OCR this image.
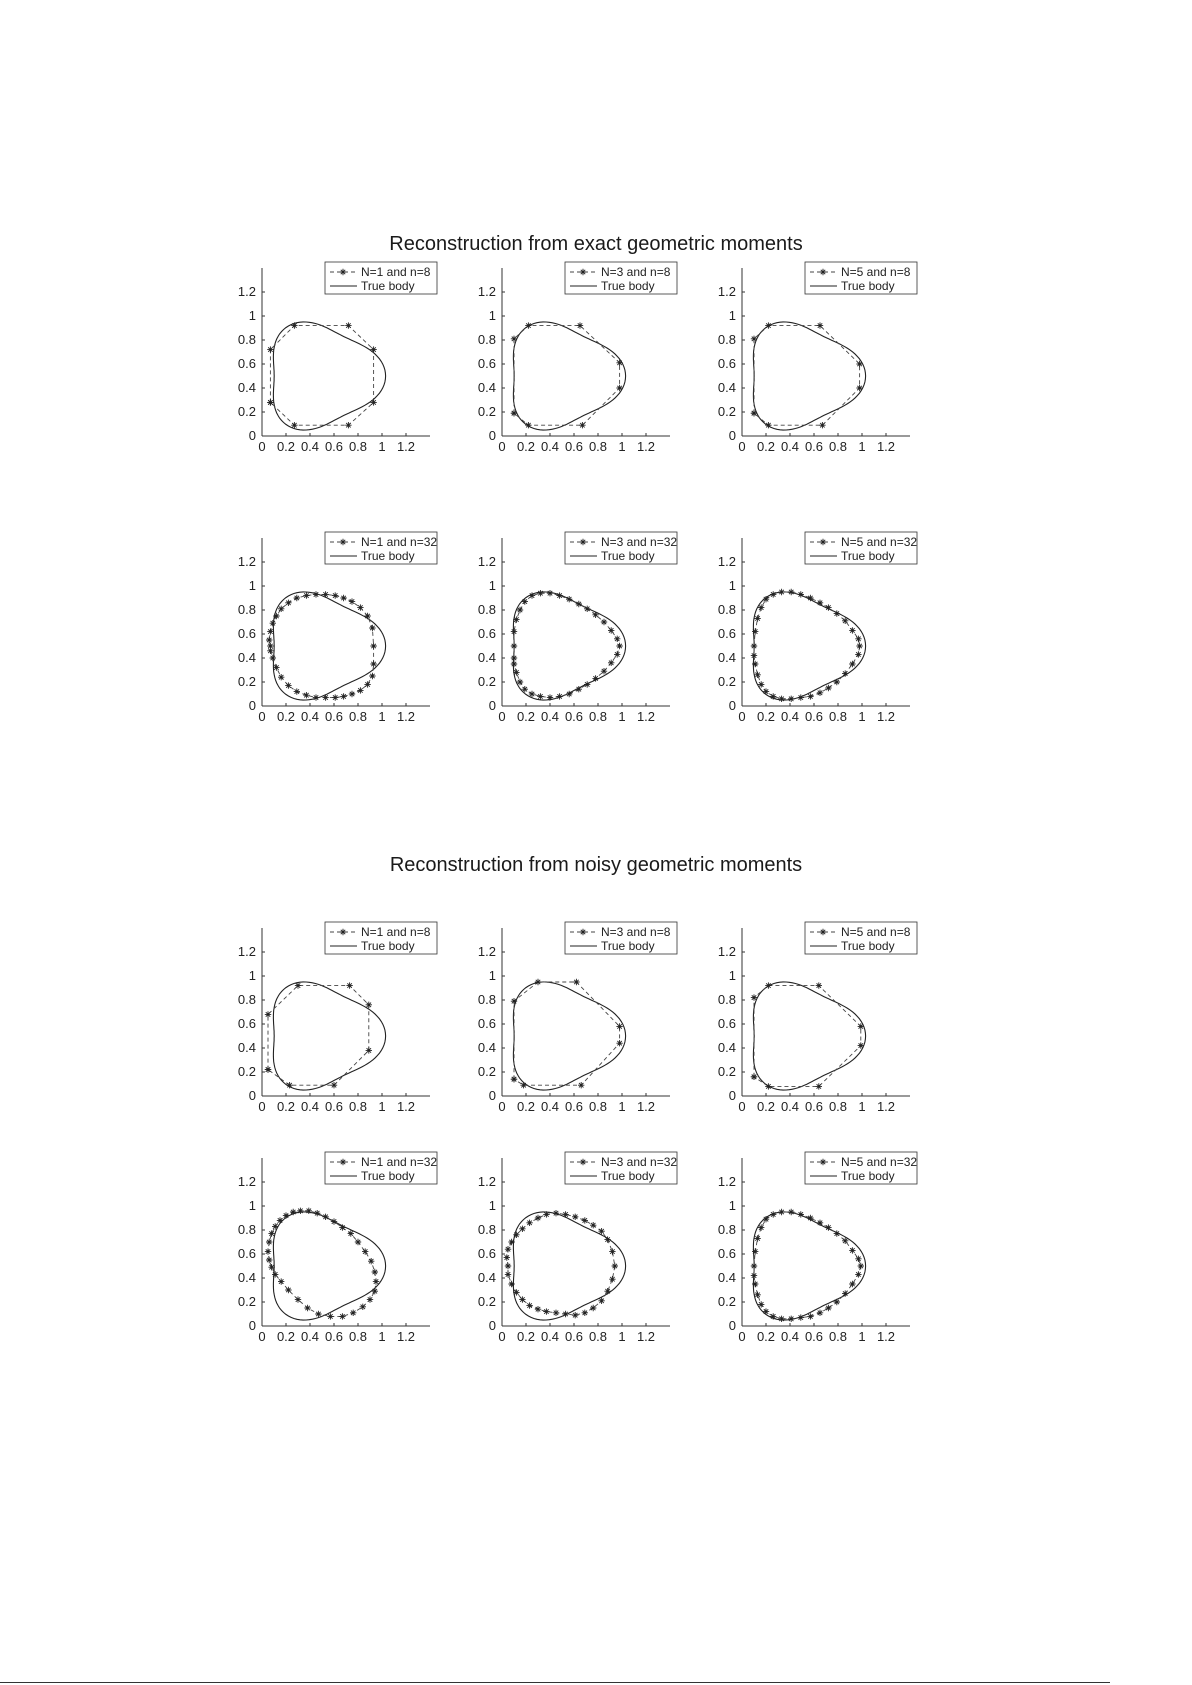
Reconstruction from exact geometric moments
Reconstruction from noisy geometric moments
0 0.2 0.4 0.6 0.8 1 1.2
0
0.2
0.4
0.6
0.8
1
1.2
N=1 and n=8
True body
0 0.2 0.4 0.6 0.8 1 1.2
0
0.2
0.4
0.6
0.8
1
1.2
N=3 and n=8
True body
0 0.2 0.4 0.6 0.8 1 1.2
0
0.2
0.4
0.6
0.8
1
1.2
N=5 and n=8
True body
0 0.2 0.4 0.6 0.8 1 1.2
0
0.2
0.4
0.6
0.8
1
1.2
N=1 and n=32
True body
0 0.2 0.4 0.6 0.8 1 1.2
0
0.2
0.4
0.6
0.8
1
1.2
N=3 and n=32
True body
0 0.2 0.4 0.6 0.8 1 1.2
0
0.2
0.4
0.6
0.8
1
1.2
N=5 and n=32
True body
0 0.2 0.4 0.6 0.8 1 1.2
0
0.2
0.4
0.6
0.8
1
1.2
N=1 and n=8
True body
0 0.2 0.4 0.6 0.8 1 1.2
0
0.2
0.4
0.6
0.8
1
1.2
N=3 and n=8
True body
0 0.2 0.4 0.6 0.8 1 1.2
0
0.2
0.4
0.6
0.8
1
1.2
N=5 and n=8
True body
0 0.2 0.4 0.6 0.8 1 1.2
0
0.2
0.4
0.6
0.8
1
1.2
N=1 and n=32
True body
0 0.2 0.4 0.6 0.8 1 1.2
0
0.2
0.4
0.6
0.8
1
1.2
N=3 and n=32
True body
0 0.2 0.4 0.6 0.8 1 1.2
0
0.2
0.4
0.6
0.8
1
1.2
N=5 and n=32
True body
